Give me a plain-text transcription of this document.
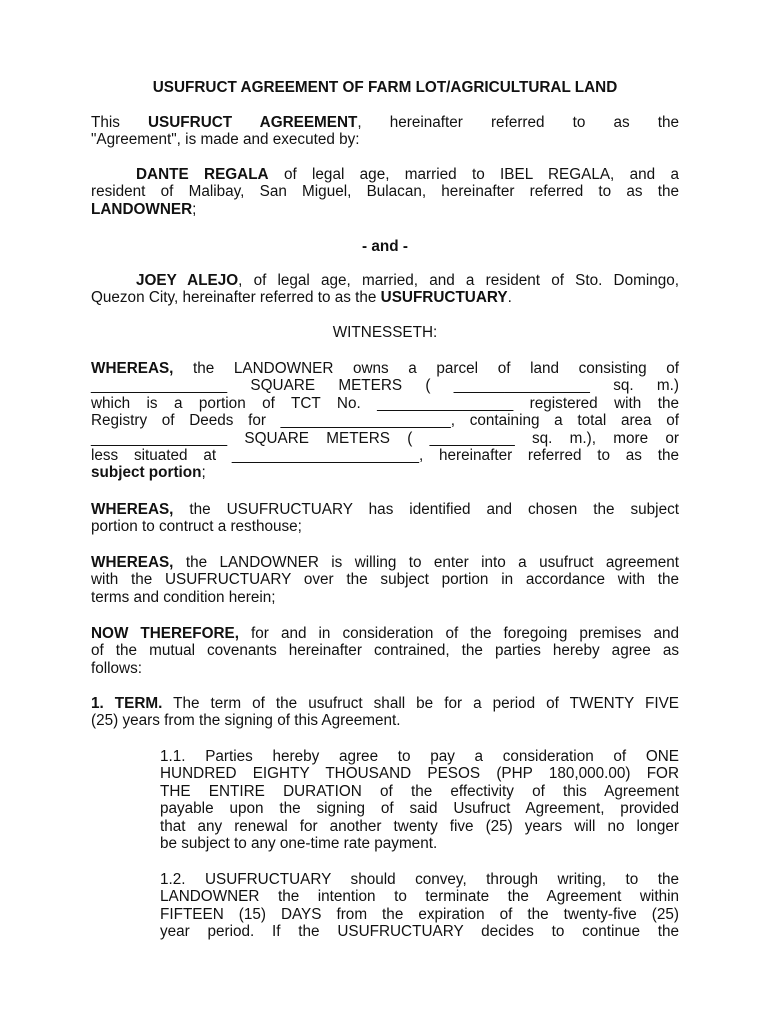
USUFRUCT AGREEMENT OF FARM LOT/AGRICULTURAL LAND
This USUFRUCT AGREEMENT, hereinafter referred to as the
"Agreement", is made and executed by:
DANTE REGALA of legal age, married to IBEL REGALA, and a
resident of Malibay, San Miguel, Bulacan, hereinafter referred to as the
LANDOWNER;
- and -
JOEY ALEJO, of legal age, married, and a resident of Sto. Domingo,
Quezon City, hereinafter referred to as the USUFRUCTUARY.
WITNESSETH:
WHEREAS, the LANDOWNER owns a parcel of land consisting of
________________ SQUARE METERS ( ________________ sq. m.)
which is a portion of TCT No. ________________ registered with the
Registry of Deeds for ____________________, containing a total area of
________________ SQUARE METERS ( __________ sq. m.), more or
less situated at ______________________, hereinafter referred to as the
subject portion;
WHEREAS, the USUFRUCTUARY has identified and chosen the subject
portion to contruct a resthouse;
WHEREAS, the LANDOWNER is willing to enter into a usufruct agreement
with the USUFRUCTUARY over the subject portion in accordance with the
terms and condition herein;
NOW THEREFORE, for and in consideration of the foregoing premises and
of the mutual covenants hereinafter contrained, the parties hereby agree as
follows:
1. TERM. The term of the usufruct shall be for a period of TWENTY FIVE
(25) years from the signing of this Agreement.
1.1. Parties hereby agree to pay a consideration of ONE
HUNDRED EIGHTY THOUSAND PESOS (PHP 180,000.00) FOR
THE ENTIRE DURATION of the effectivity of this Agreement
payable upon the signing of said Usufruct Agreement, provided
that any renewal for another twenty five (25) years will no longer
be subject to any one-time rate payment.
1.2. USUFRUCTUARY should convey, through writing, to the
LANDOWNER the intention to terminate the Agreement within
FIFTEEN (15) DAYS from the expiration of the twenty-five (25)
year period. If the USUFRUCTUARY decides to continue the
